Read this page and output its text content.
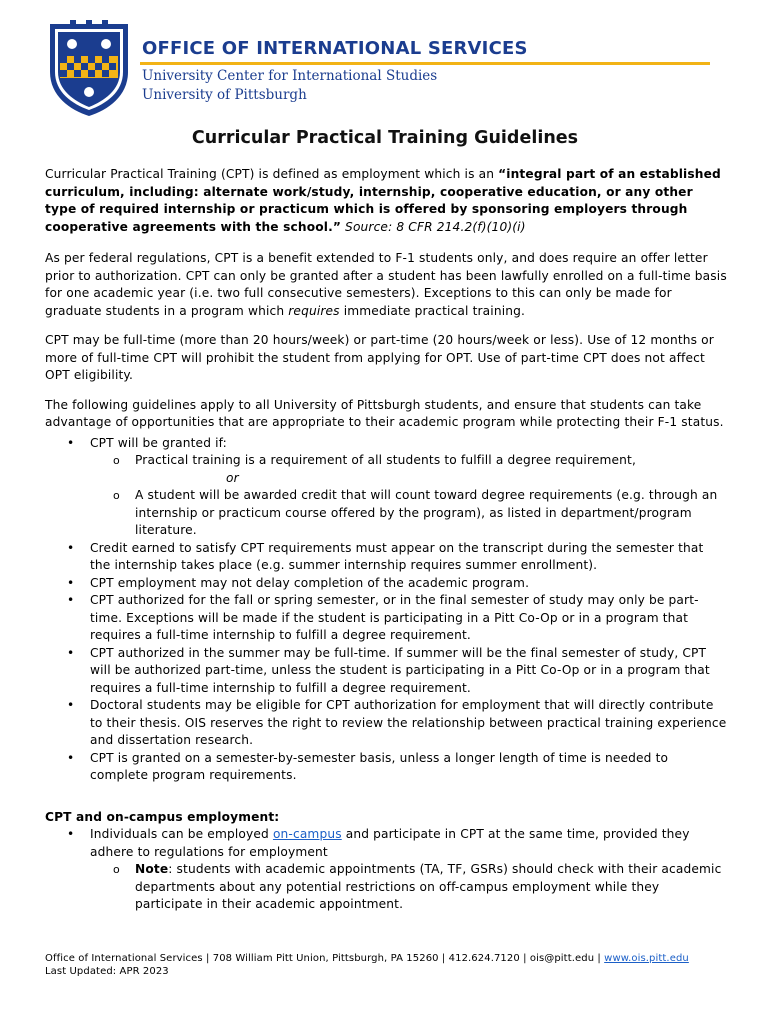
OFFICE OF INTERNATIONAL SERVICES

University Center for International Studies

University of Pittsburgh

Curricular Practical Training Guidelines

Curricular Practical Training (CPT) is defined as employment which is an “integral part of an established curriculum, including: alternate work/study, internship, cooperative education, or any other type of required internship or practicum which is offered by sponsoring employers through cooperative agreements with the school.” Source: 8 CFR 214.2(f)(10)(i)

As per federal regulations, CPT is a benefit extended to F-1 students only, and does require an offer letter prior to authorization. CPT can only be granted after a student has been lawfully enrolled on a full-time basis for one academic year (i.e. two full consecutive semesters). Exceptions to this can only be made for graduate students in a program which requires immediate practical training.

CPT may be full-time (more than 20 hours/week) or part-time (20 hours/week or less). Use of 12 months or more of full-time CPT will prohibit the student from applying for OPT. Use of part-time CPT does not affect OPT eligibility.

The following guidelines apply to all University of Pittsburgh students, and ensure that students can take advantage of opportunities that are appropriate to their academic program while protecting their F-1 status.

• CPT will be granted if:
o Practical training is a requirement of all students to fulfill a degree requirement,
or
o A student will be awarded credit that will count toward degree requirements (e.g. through an internship or practicum course offered by the program), as listed in department/program literature.
• Credit earned to satisfy CPT requirements must appear on the transcript during the semester that the internship takes place (e.g. summer internship requires summer enrollment).
• CPT employment may not delay completion of the academic program.
• CPT authorized for the fall or spring semester, or in the final semester of study may only be part-time. Exceptions will be made if the student is participating in a Pitt Co-Op or in a program that requires a full-time internship to fulfill a degree requirement.
• CPT authorized in the summer may be full-time. If summer will be the final semester of study, CPT will be authorized part-time, unless the student is participating in a Pitt Co-Op or in a program that requires a full-time internship to fulfill a degree requirement.
• Doctoral students may be eligible for CPT authorization for employment that will directly contribute to their thesis. OIS reserves the right to review the relationship between practical training experience and dissertation research.
• CPT is granted on a semester-by-semester basis, unless a longer length of time is needed to complete program requirements.

CPT and on-campus employment:

• Individuals can be employed on-campus and participate in CPT at the same time, provided they adhere to regulations for employment
o Note: students with academic appointments (TA, TF, GSRs) should check with their academic departments about any potential restrictions on off-campus employment while they participate in their academic appointment.

Office of International Services | 708 William Pitt Union, Pittsburgh, PA 15260 | 412.624.7120 | ois@pitt.edu | www.ois.pitt.edu

Last Updated: APR 2023
